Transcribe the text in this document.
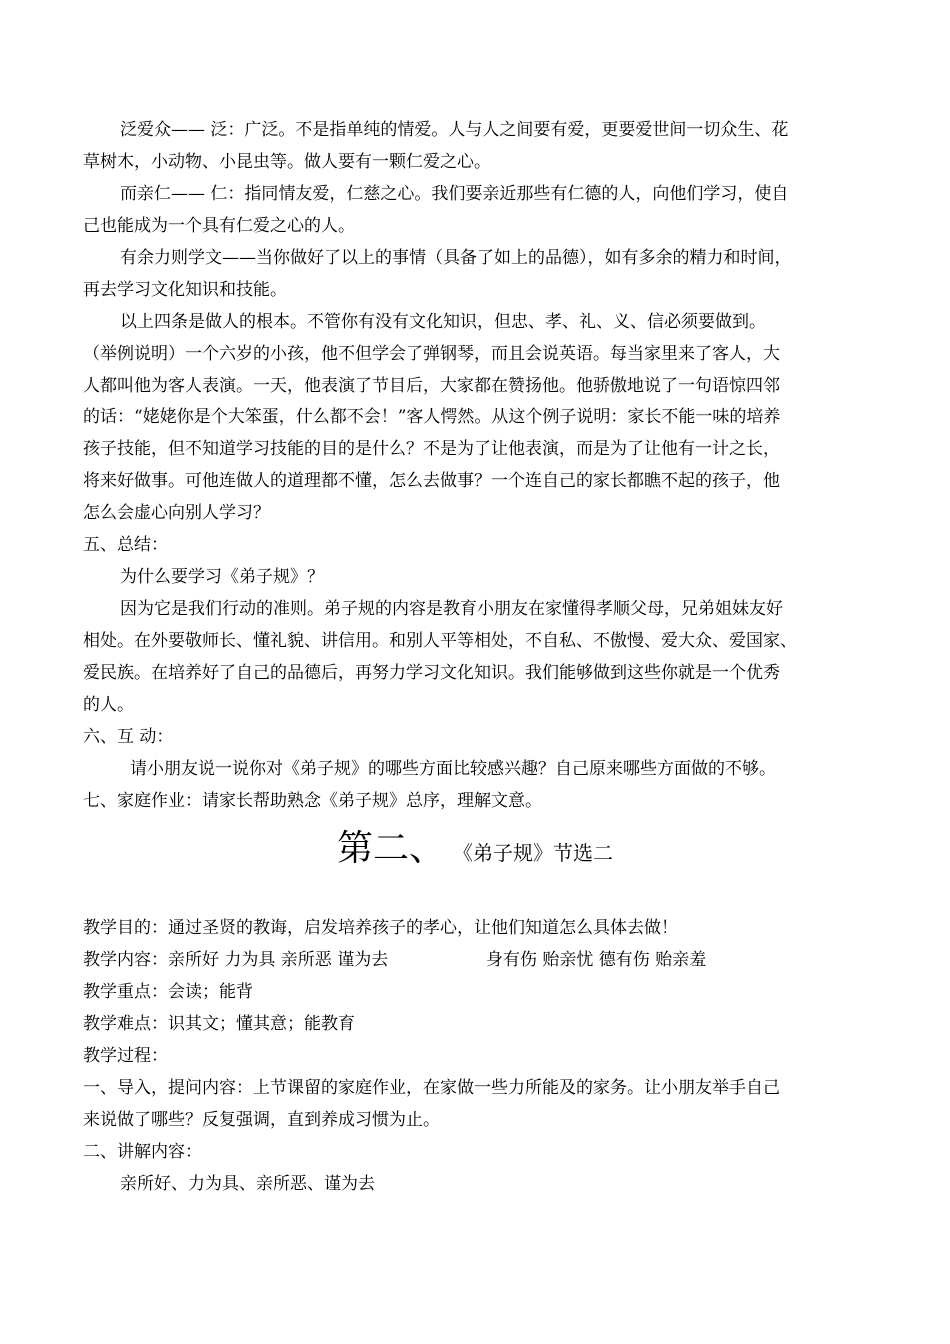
泛爱众—— 泛：广泛。不是指单纯的情爱。人与人之间要有爱，更要爱世间一切众生、花
草树木，小动物、小昆虫等。做人要有一颗仁爱之心。
而亲仁—— 仁：指同情友爱，仁慈之心。我们要亲近那些有仁德的人，向他们学习，使自
己也能成为一个具有仁爱之心的人。
有余力则学文——当你做好了以上的事情（具备了如上的品德），如有多余的精力和时间，
再去学习文化知识和技能。
以上四条是做人的根本。不管你有没有文化知识，但忠、孝、礼、义、信必须要做到。
（举例说明）一个六岁的小孩，他不但学会了弹钢琴，而且会说英语。每当家里来了客人，大
人都叫他为客人表演。一天，他表演了节目后，大家都在赞扬他。他骄傲地说了一句语惊四邻
的话：“姥姥你是个大笨蛋，什么都不会！”客人愕然。从这个例子说明：家长不能一味的培养
孩子技能，但不知道学习技能的目的是什么？不是为了让他表演，而是为了让他有一计之长，
将来好做事。可他连做人的道理都不懂，怎么去做事？一个连自己的家长都瞧不起的孩子，他
怎么会虚心向别人学习？
五、总结：
为什么要学习《弟子规》？
因为它是我们行动的准则。弟子规的内容是教育小朋友在家懂得孝顺父母，兄弟姐妹友好
相处。在外要敬师长、懂礼貌、讲信用。和别人平等相处，不自私、不傲慢、爱大众、爱国家、
爱民族。在培养好了自己的品德后，再努力学习文化知识。我们能够做到这些你就是一个优秀
的人。
六、互 动：
请小朋友说一说你对《弟子规》的哪些方面比较感兴趣？自己原来哪些方面做的不够。
七、家庭作业：请家长帮助熟念《弟子规》总序，理解文意。
第二、 《弟子规》节选二
教学目的：通过圣贤的教诲，启发培养孩子的孝心，让他们知道怎么具体去做！
教学内容：亲所好 力为具 亲所恶 谨为去	身有伤 贻亲忧 德有伤 贻亲羞
教学重点：会读；能背
教学难点：识其文；懂其意；能教育
教学过程：
一、导入，提问内容：上节课留的家庭作业，在家做一些力所能及的家务。让小朋友举手自己
来说做了哪些？反复强调，直到养成习惯为止。
二、讲解内容：
亲所好、力为具、亲所恶、谨为去
